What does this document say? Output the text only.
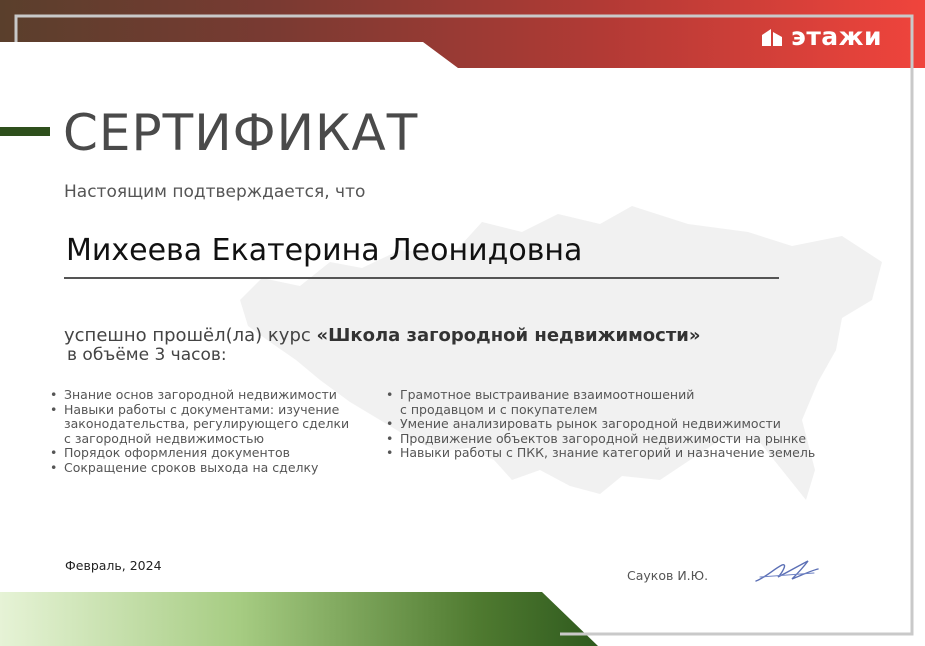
этажи
СЕРТИФИКАТ
Настоящим подтверждается, что
Михеева Екатерина Леонидовна
успешно прошёл(ла) курс «Школа загородной недвижимости»
в объёме 3 часов:
• Знание основ загородной недвижимости
• Навыки работы с документами: изучение
законодательства, регулирующего сделки
с загородной недвижимостью
• Порядок оформления документов
• Сокращение сроков выхода на сделку
• Грамотное выстраивание взаимоотношений
с продавцом и с покупателем
• Умение анализировать рынок загородной недвижимости
• Продвижение объектов загородной недвижимости на рынке
• Навыки работы с ПКК, знание категорий и назначение земель
Февраль, 2024
Сауков И.Ю.
